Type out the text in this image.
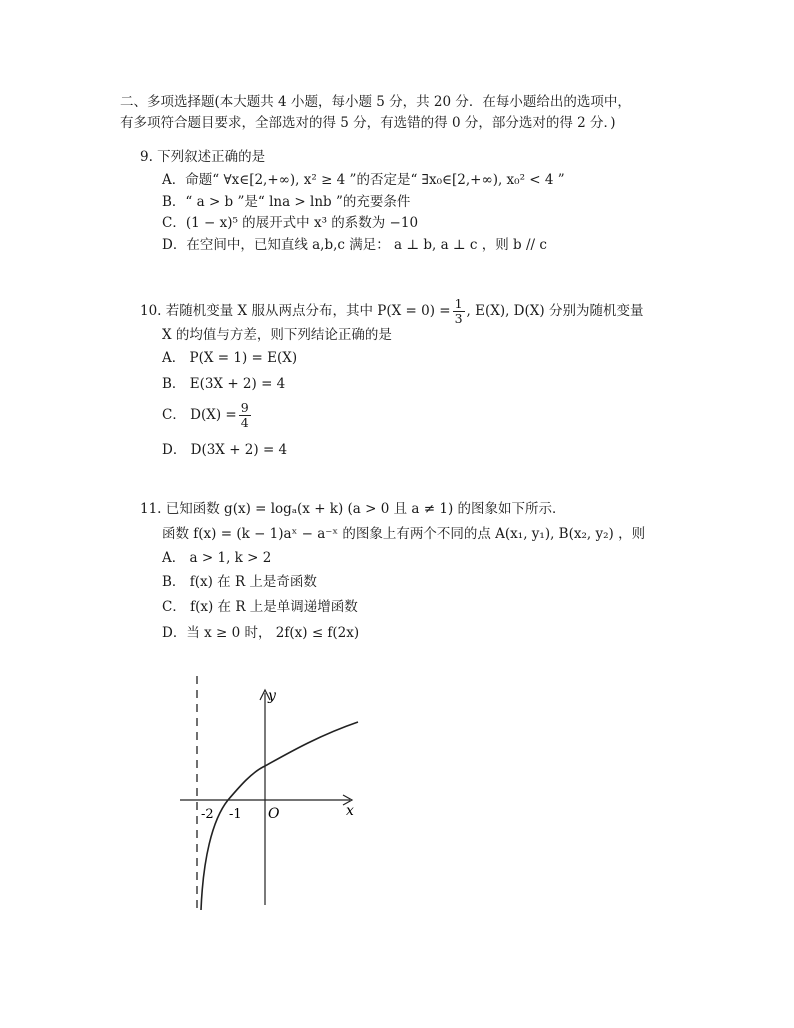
二、多项选择题(本大题共 4 小题，每小题 5 分，共 20 分．在每小题给出的选项中，
有多项符合题目要求，全部选对的得 5 分，有选错的得 0 分，部分选对的得 2 分．)
9. 下列叙述正确的是
A．命题“ ∀x∈[2,+∞), x² ≥ 4 ”的否定是“ ∃x₀∈[2,+∞), x₀² < 4 ”
B．“ a > b ”是“ lna > lnb ”的充要条件
C．(1 − x)⁵ 的展开式中 x³ 的系数为 −10
D．在空间中，已知直线 a,b,c 满足： a ⊥ b, a ⊥ c ，则 b // c
10. 若随机变量 X 服从两点分布，其中 $P(X = 0) = \frac{1}{3}$ , E(X), D(X) 分别为随机变量
X 的均值与方差，则下列结论正确的是
A． P(X = 1) = E(X)
B． E(3X + 2) = 4
C． $D(X) = \frac{9}{4}$
D． D(3X + 2) = 4
11. 已知函数 g(x) = logₐ(x + k) (a > 0 且 a ≠ 1) 的图象如下所示．
函数 f(x) = (k − 1)aˣ − a⁻ˣ 的图象上有两个不同的点 A(x₁, y₁), B(x₂, y₂) ，则
A． a > 1, k > 2
B． f(x) 在 R 上是奇函数
C． f(x) 在 R 上是单调递增函数
D．当 x ≥ 0 时， 2f(x) ≤ f(2x)
y
x
O
-2 -1
